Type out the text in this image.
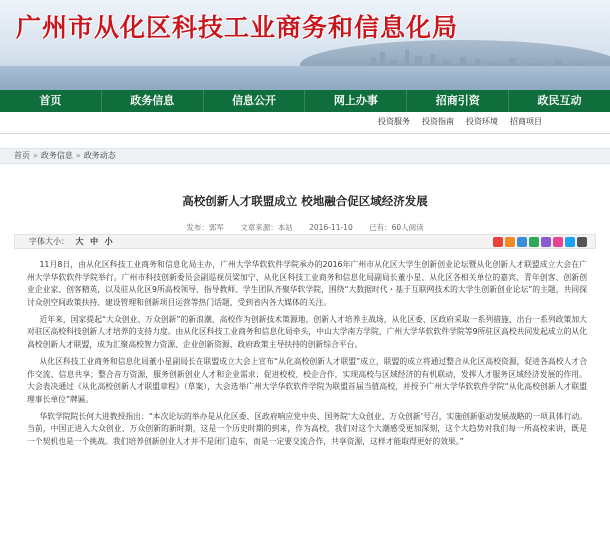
广州市从化区科技工业商务和信息化局
首页	政务信息	信息公开	网上办事	招商引资	政民互动
投资服务 投资指南 投资环境 招商项目
首页 » 政务信息 » 政务动态
高校创新人才联盟成立 校地融合促区域经济发展
发布：郭军 文章来源：本站 2016-11-10 已有：60人阅读
字体大小： 大 中 小

11月8日，由从化区科技工业商务和信息化局主办，广州大学华软软件学院承办的2016年广州市从化区大学生创新创业论坛暨从化创新人才联盟成立大会在广州大学华软软件学院举行。广州市科技创新委员会副巡视员梁加宁、从化区科技工业商务和信息化局副局长董小星、从化区各相关单位的嘉宾、青年创客、创新创业企业家、创客精英，以及驻从化区9所高校领导、指导教师、学生团队齐聚华软学院，围绕“大数据时代・基于互联网技术的大学生创新创业论坛”的主题，共同探讨众创空间政策扶持、建设管理和创新项目运营等热门话题，受到省内各大媒体的关注。

近年来，国家提起“大众创业、万众创新”的新浪潮，高校作为创新技术策源地，创新人才培养主战场，从化区委、区政府采取一系列措施，出台一系列政策加大对驻区高校科技创新人才培养的支持力度。由从化区科技工业商务和信息化局牵头，中山大学南方学院、广州大学华软软件学院等9所驻区高校共同发起成立的从化高校创新人才联盟，成为汇聚高校智力资源、企业创新资源、政府政策主导扶持的创新综合平台。

从化区科技工业商务和信息化局董小星副局长在联盟成立大会上宣布“从化高校创新人才联盟”成立，联盟的成立将通过整合从化区高校资源，促进各高校人才合作交流、信息共享；整合音方资源，服务创新创业人才和企业需求；促进校校、校企合作，实现高校与区域经济的有机联动，发挥人才服务区域经济发展的作用。大会表决通过《从化高校创新人才联盟章程》（草案），大会选举广州大学华软软件学院为联盟首届当值高校，并授予广州大学华软软件学院“从化高校创新人才联盟理事长单位”牌匾。

华软学院院长何大进教授指出：“本次论坛的举办是从化区委、区政府响应党中央、国务院‘大众创业、万众创新’号召，实施创新驱动发展战略的一项具体行动。当前，中国正进入大众创业、万众创新的新时期，这是一个历史时期的到来，作为高校，我们对这个大潮感受更加深刻，这个大趋势对我们每一所高校来讲，既是一个契机也是一个挑战。我们培养创新创业人才并不是闭门造车，而是一定要交流合作，共享资源，这样才能取得更好的效果。”
